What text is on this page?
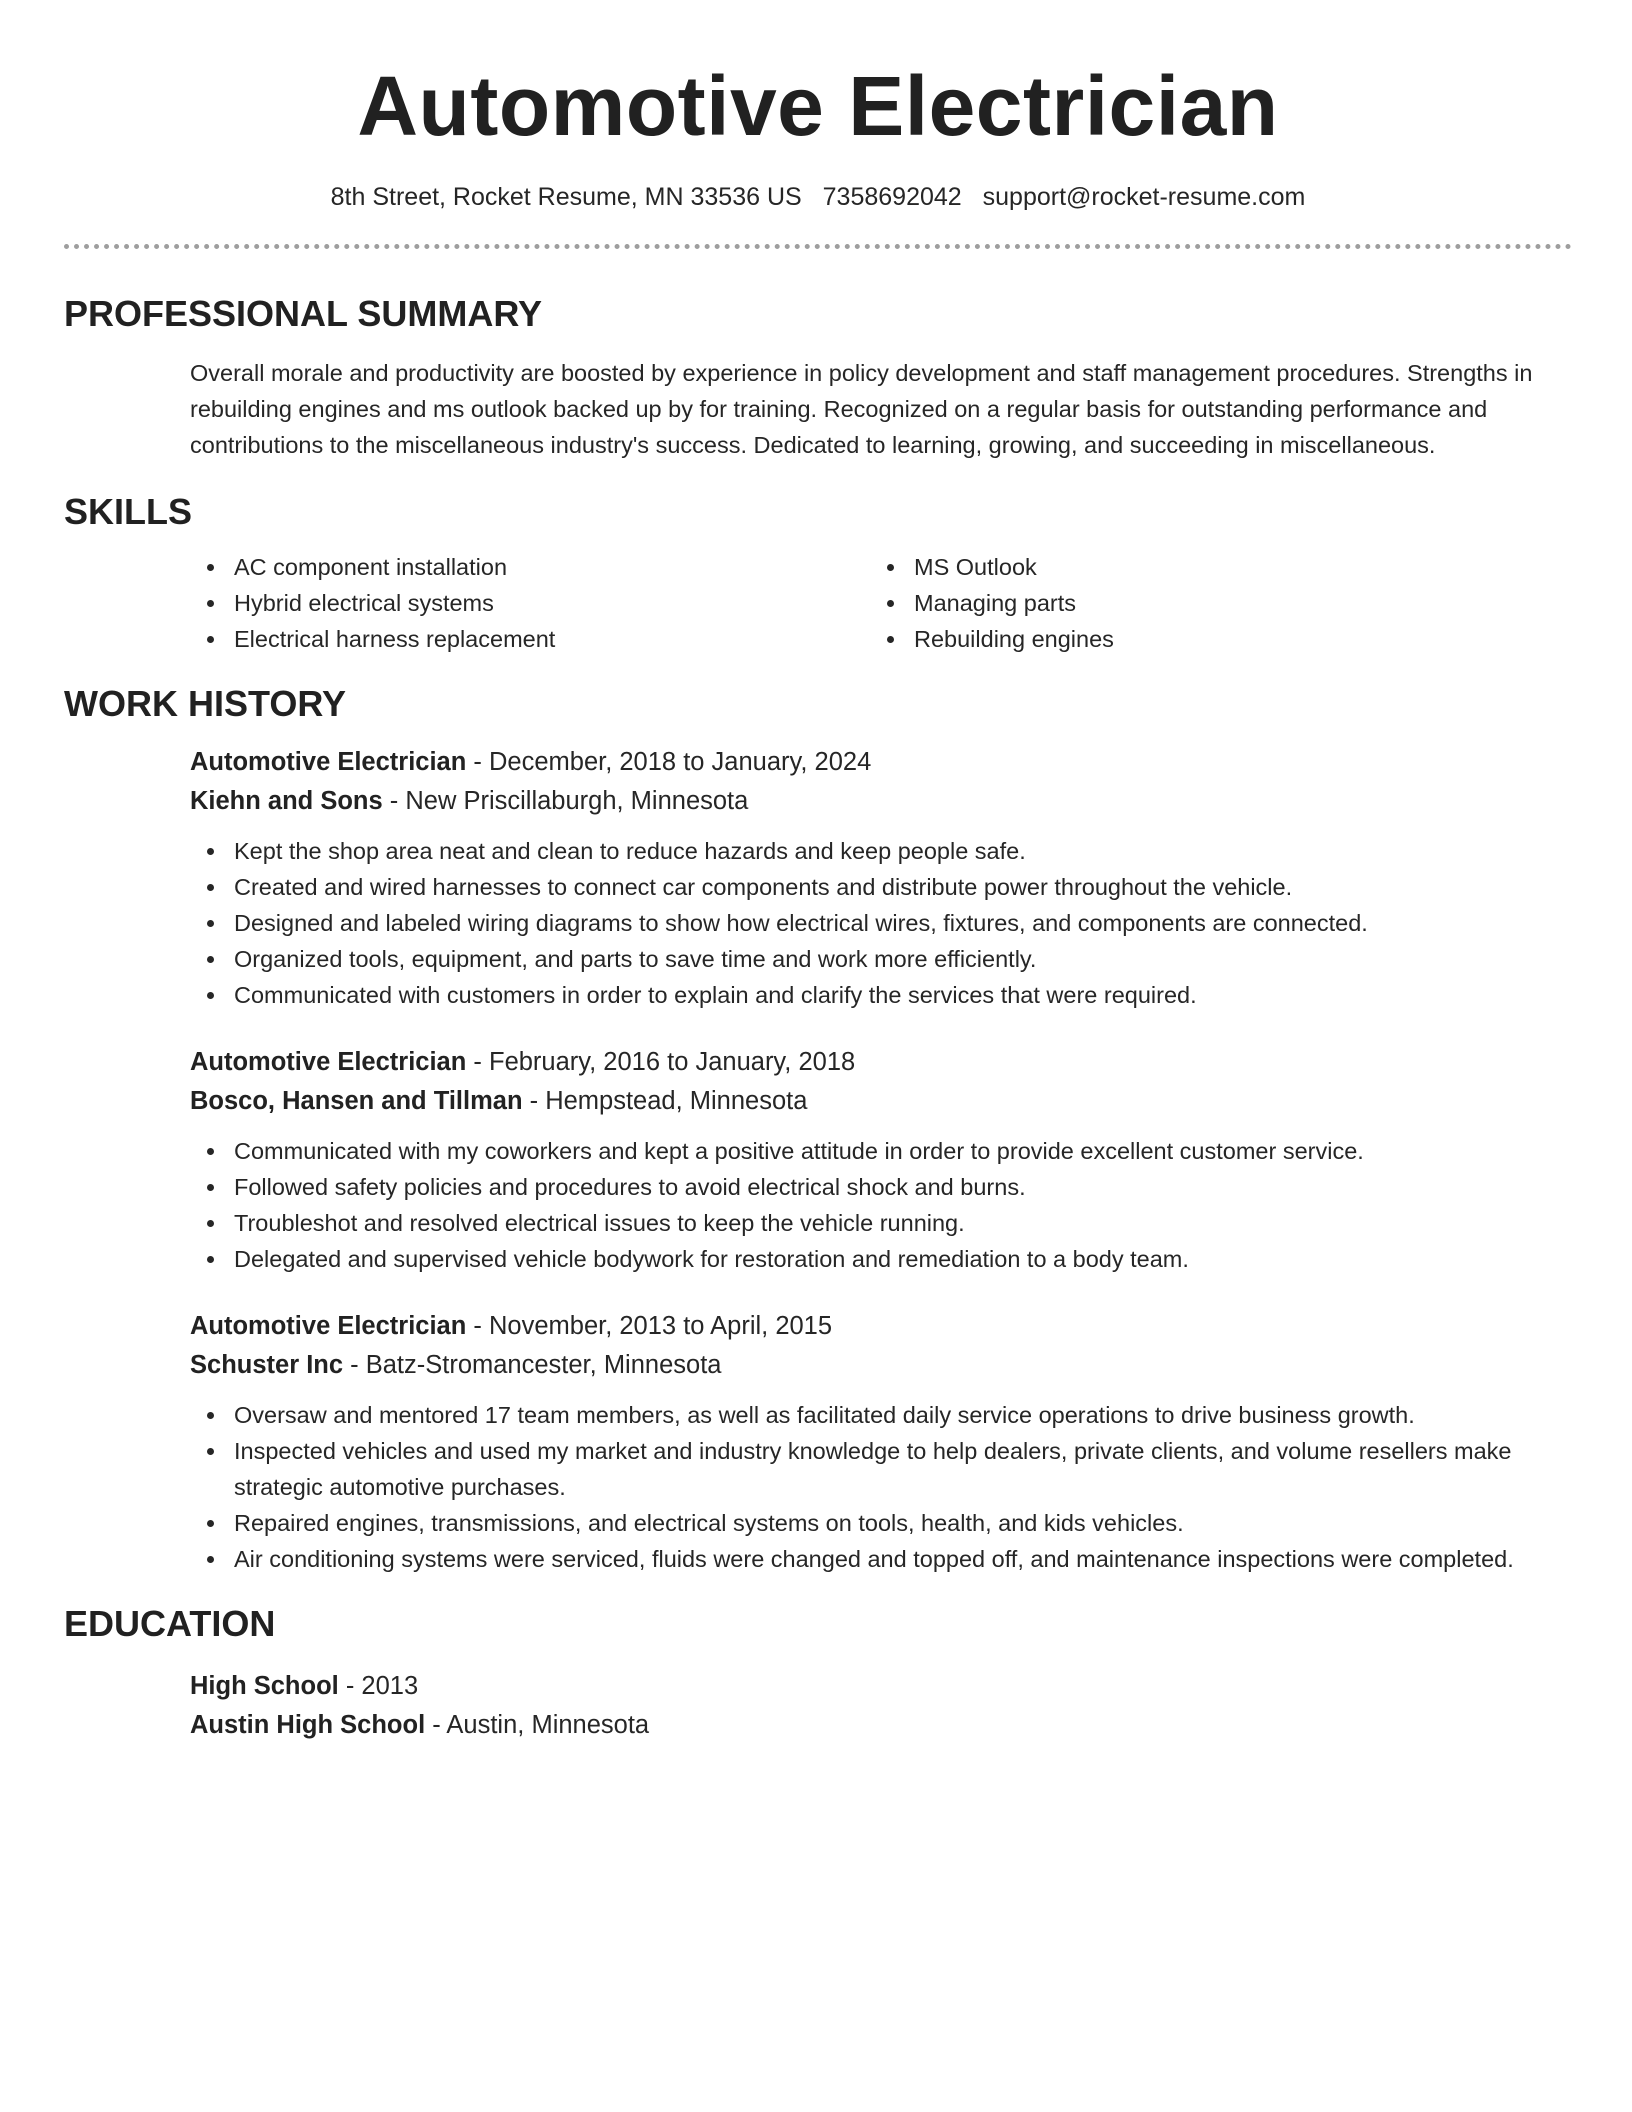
Automotive Electrician
8th Street, Rocket Resume, MN 33536 US 7358692042 support@rocket-resume.com
PROFESSIONAL SUMMARY
Overall morale and productivity are boosted by experience in policy development and staff management procedures. Strengths in rebuilding engines and ms outlook backed up by for training. Recognized on a regular basis for outstanding performance and contributions to the miscellaneous industry's success. Dedicated to learning, growing, and succeeding in miscellaneous.
SKILLS
AC component installation
Hybrid electrical systems
Electrical harness replacement
MS Outlook
Managing parts
Rebuilding engines
WORK HISTORY
Automotive Electrician - December, 2018 to January, 2024
Kiehn and Sons - New Priscillaburgh, Minnesota
Kept the shop area neat and clean to reduce hazards and keep people safe.
Created and wired harnesses to connect car components and distribute power throughout the vehicle.
Designed and labeled wiring diagrams to show how electrical wires, fixtures, and components are connected.
Organized tools, equipment, and parts to save time and work more efficiently.
Communicated with customers in order to explain and clarify the services that were required.
Automotive Electrician - February, 2016 to January, 2018
Bosco, Hansen and Tillman - Hempstead, Minnesota
Communicated with my coworkers and kept a positive attitude in order to provide excellent customer service.
Followed safety policies and procedures to avoid electrical shock and burns.
Troubleshot and resolved electrical issues to keep the vehicle running.
Delegated and supervised vehicle bodywork for restoration and remediation to a body team.
Automotive Electrician - November, 2013 to April, 2015
Schuster Inc - Batz-Stromancester, Minnesota
Oversaw and mentored 17 team members, as well as facilitated daily service operations to drive business growth.
Inspected vehicles and used my market and industry knowledge to help dealers, private clients, and volume resellers make strategic automotive purchases.
Repaired engines, transmissions, and electrical systems on tools, health, and kids vehicles.
Air conditioning systems were serviced, fluids were changed and topped off, and maintenance inspections were completed.
EDUCATION
High School - 2013
Austin High School - Austin, Minnesota
